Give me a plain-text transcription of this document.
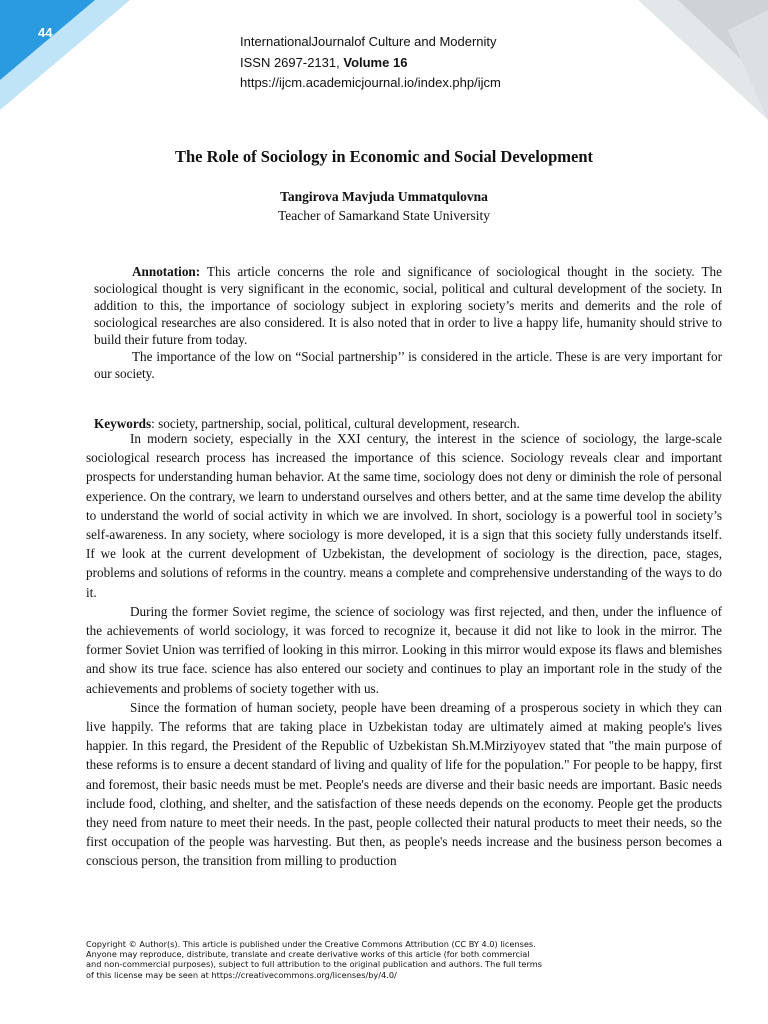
44
InternationalJournalof Culture and Modernity
ISSN 2697-2131, Volume 16
https://ijcm.academicjournal.io/index.php/ijcm
The Role of Sociology in Economic and Social Development
Tangirova Mavjuda Ummatqulovna
Teacher of Samarkand State University

Annotation: This article concerns the role and significance of sociological thought in the society. The sociological thought is very significant in the economic, social, political and cultural development of the society. In addition to this, the importance of sociology subject in exploring society’s merits and demerits and the role of sociological researches are also considered. It is also noted that in order to live a happy life, humanity should strive to build their future from today.

The importance of the low on “Social partnership’’ is considered in the article. These is are very important for our society.

Keywords: society, partnership, social, political, cultural development, research.

In modern society, especially in the XXI century, the interest in the science of sociology, the large-scale sociological research process has increased the importance of this science. Sociology reveals clear and important prospects for understanding human behavior. At the same time, sociology does not deny or diminish the role of personal experience. On the contrary, we learn to understand ourselves and others better, and at the same time develop the ability to understand the world of social activity in which we are involved. In short, sociology is a powerful tool in society’s self-awareness. In any society, where sociology is more developed, it is a sign that this society fully understands itself. If we look at the current development of Uzbekistan, the development of sociology is the direction, pace, stages, problems and solutions of reforms in the country. means a complete and comprehensive understanding of the ways to do it.

During the former Soviet regime, the science of sociology was first rejected, and then, under the influence of the achievements of world sociology, it was forced to recognize it, because it did not like to look in the mirror. The former Soviet Union was terrified of looking in this mirror. Looking in this mirror would expose its flaws and blemishes and show its true face. science has also entered our society and continues to play an important role in the study of the achievements and problems of society together with us.

Since the formation of human society, people have been dreaming of a prosperous society in which they can live happily. The reforms that are taking place in Uzbekistan today are ultimately aimed at making people's lives happier. In this regard, the President of the Republic of Uzbekistan Sh.M.Mirziyoyev stated that "the main purpose of these reforms is to ensure a decent standard of living and quality of life for the population." For people to be happy, first and foremost, their basic needs must be met. People's needs are diverse and their basic needs are important. Basic needs include food, clothing, and shelter, and the satisfaction of these needs depends on the economy. People get the products they need from nature to meet their needs. In the past, people collected their natural products to meet their needs, so the first occupation of the people was harvesting. But then, as people's needs increase and the business person becomes a conscious person, the transition from milling to production

Copyright © Author(s). This article is published under the Creative Commons Attribution (CC BY 4.0) licenses.
Anyone may reproduce, distribute, translate and create derivative works of this article (for both commercial
and non-commercial purposes), subject to full attribution to the original publication and authors. The full terms
of this license may be seen at https://creativecommons.org/licenses/by/4.0/
